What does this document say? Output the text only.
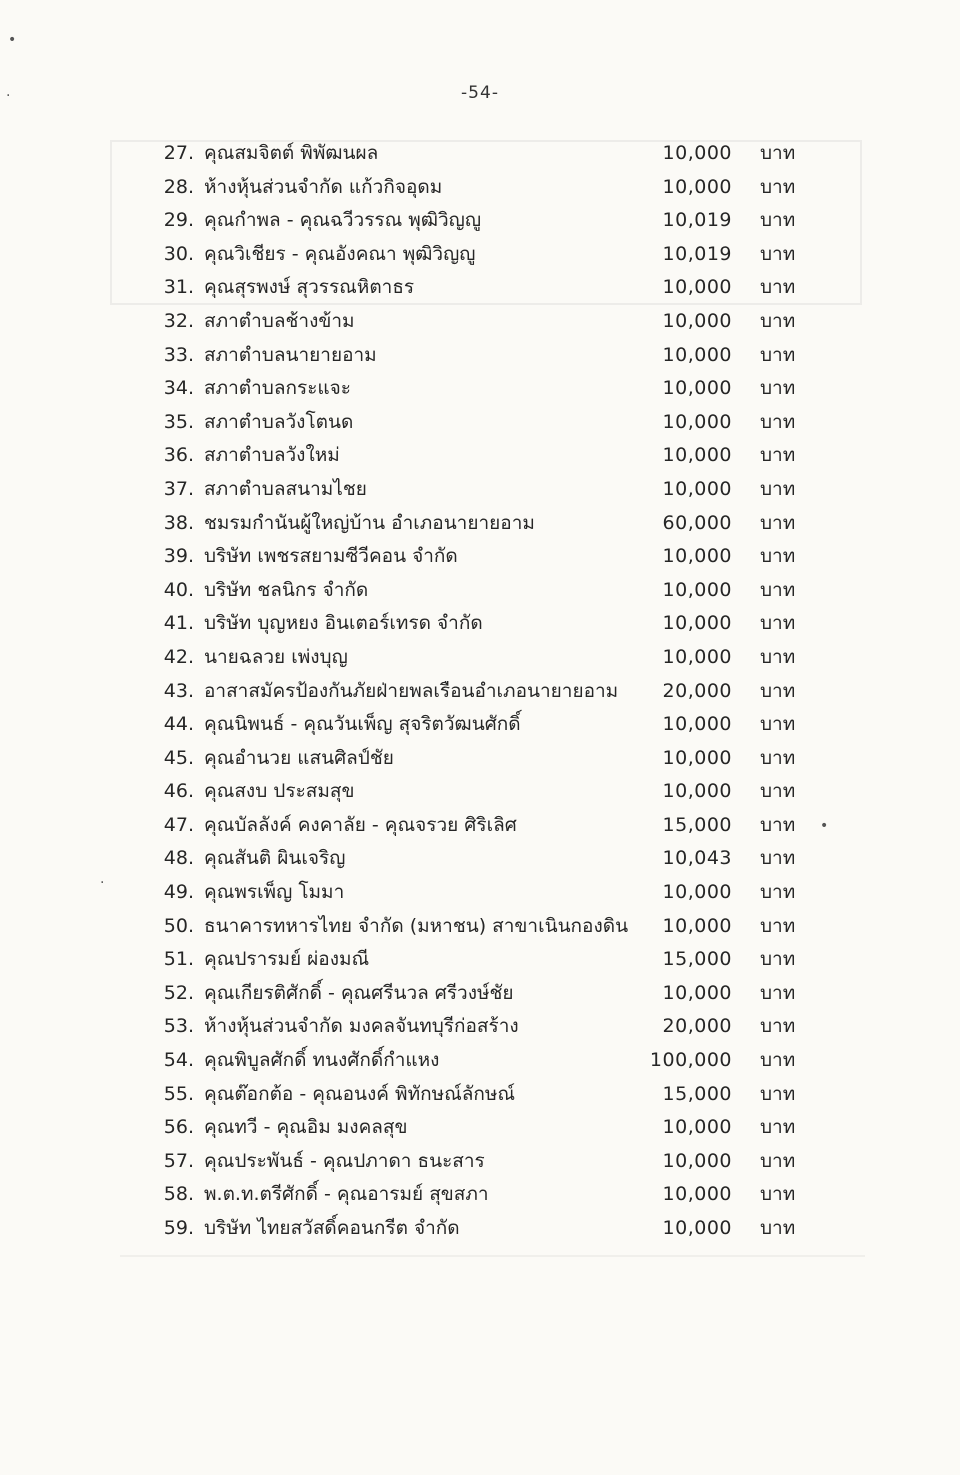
•
·
•
·
-54-
27. คุณสมจิตต์ พิพัฒนผล	10,000 บาท
28. ห้างหุ้นส่วนจำกัด แก้วกิจอุดม	10,000 บาท
29. คุณกำพล - คุณฉวีวรรณ พุฒิวิญญู	10,019 บาท
30. คุณวิเชียร - คุณอังคณา พุฒิวิญญู	10,019 บาท
31. คุณสุรพงษ์ สุวรรณหิตาธร	10,000 บาท
32. สภาตำบลช้างข้าม	10,000 บาท
33. สภาตำบลนายายอาม	10,000 บาท
34. สภาตำบลกระแจะ	10,000 บาท
35. สภาตำบลวังโตนด	10,000 บาท
36. สภาตำบลวังใหม่	10,000 บาท
37. สภาตำบลสนามไชย	10,000 บาท
38. ชมรมกำนันผู้ใหญ่บ้าน อำเภอนายายอาม	60,000 บาท
39. บริษัท เพชรสยามซีวีคอน จำกัด	10,000 บาท
40. บริษัท ชลนิกร จำกัด	10,000 บาท
41. บริษัท บุญหยง อินเตอร์เทรด จำกัด	10,000 บาท
42. นายฉลวย เพ่งบุญ	10,000 บาท
43. อาสาสมัครป้องกันภัยฝ่ายพลเรือนอำเภอนายายอาม	20,000 บาท
44. คุณนิพนธ์ - คุณวันเพ็ญ สุจริตวัฒนศักดิ์	10,000 บาท
45. คุณอำนวย แสนศิลป์ชัย	10,000 บาท
46. คุณสงบ ประสมสุข	10,000 บาท
47. คุณบัลลังค์ คงคาลัย - คุณจรวย ศิริเลิศ	15,000 บาท
48. คุณสันติ ผินเจริญ	10,043 บาท
49. คุณพรเพ็ญ โมมา	10,000 บาท
50. ธนาคารทหารไทย จำกัด (มหาชน) สาขาเนินกองดิน	10,000 บาท
51. คุณปรารมย์ ผ่องมณี	15,000 บาท
52. คุณเกียรติศักดิ์ - คุณศรีนวล ศรีวงษ์ชัย	10,000 บาท
53. ห้างหุ้นส่วนจำกัด มงคลจันทบุรีก่อสร้าง	20,000 บาท
54. คุณพิบูลศักดิ์ ทนงศักดิ์กำแหง	100,000 บาท
55. คุณต๊อกต้อ - คุณอนงค์ พิทักษณ์ลักษณ์	15,000 บาท
56. คุณทวี - คุณอิม มงคลสุข	10,000 บาท
57. คุณประพันธ์ - คุณปภาดา ธนะสาร	10,000 บาท
58. พ.ต.ท.ตรีศักดิ์ - คุณอารมย์ สุขสภา	10,000 บาท
59. บริษัท ไทยสวัสดิ์คอนกรีต จำกัด	10,000 บาท
